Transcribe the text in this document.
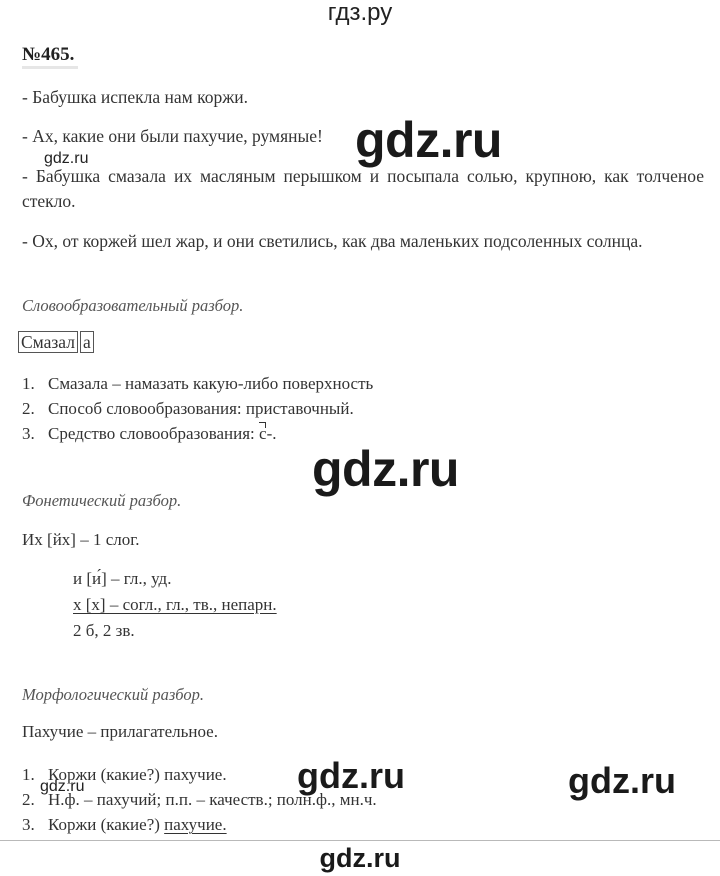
гдз.ру
№465.
- Бабушка испекла нам коржи.
- Ах, какие они были пахучие, румяные!
- Бабушка смазала их масляным перышком и посыпала солью, крупною, как толченое стекло.
- Ох, от коржей шел жар, и они светились, как два маленьких подсоленных солнца.
gdz.ru
gdz.ru
Словообразовательный разбор.
Смазал а
1. Смазала – намазать какую-либо поверхность
2. Способ словообразования: приставочный.
3. Средство словообразования: с-.
gdz.ru
Фонетический разбор.
Их [йх] – 1 слог.
и [и́] – гл., уд.
х [х] – согл., гл., тв., непарн.
2 б, 2 зв.
Морфологический разбор.
Пахучие – прилагательное.
1. Коржи (какие?) пахучие.
2. Н.ф. – пахучий; п.п. – качеств.; полн.ф., мн.ч.
3. Коржи (какие?) пахучие.
gdz.ru	gdz.ru
gdz.ru
gdz.ru
